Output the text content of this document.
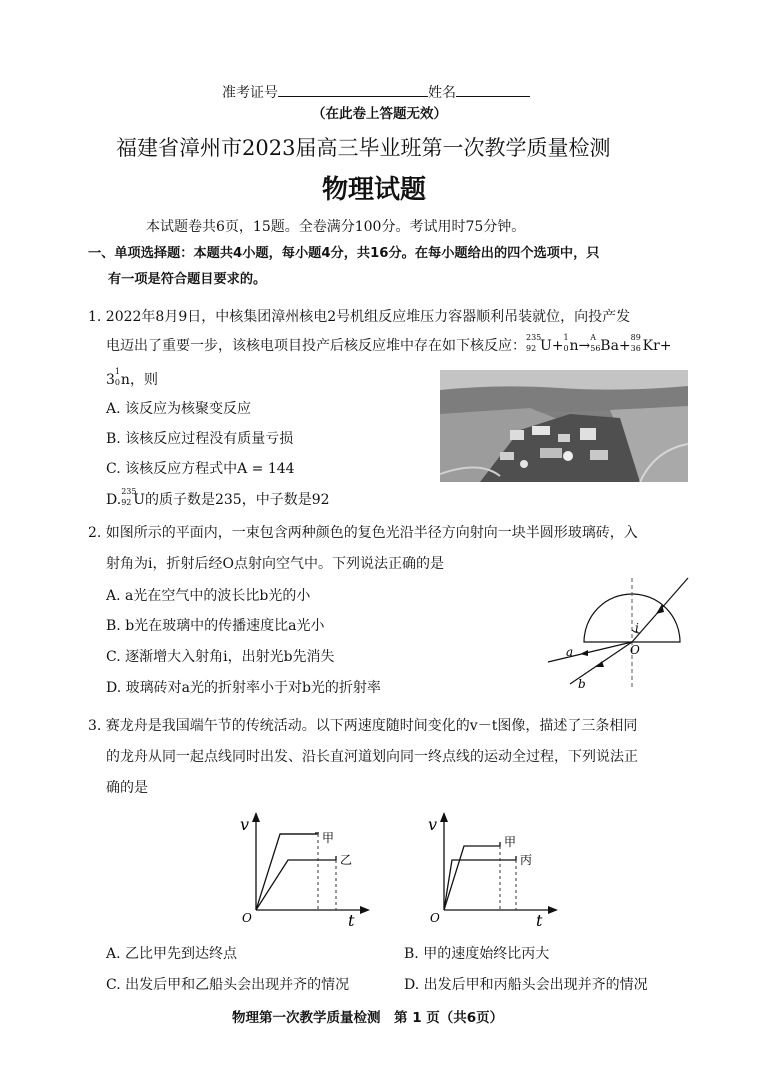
准考证号	姓名
（在此卷上答题无效）
福建省漳州市2023届高三毕业班第一次教学质量检测
物理试题
本试题卷共6页，15题。全卷满分100分。考试用时75分钟。
一、单项选择题：本题共4小题，每小题4分，共16分。在每小题给出的四个选项中，只
有一项是符合题目要求的。
1. 2022年8月9日，中核集团漳州核电2号机组反应堆压力容器顺利吊装就位，向投产发
电迈出了重要一步，该核电项目投产后核反应堆中存在如下核反应：
235
92 U+
1
0 n→
A
56 Ba+
89
36 Kr+
3
1
0 n，则
A. 该反应为核聚变反应
B. 该核反应过程没有质量亏损
C. 该核反应方程式中A = 144
D.
235
92 U的质子数是235，中子数是92
2. 如图所示的平面内，一束包含两种颜色的复色光沿半径方向射向一块半圆形玻璃砖，入
射角为i，折射后经O点射向空气中。下列说法正确的是
A. a光在空气中的波长比b光的小
B. b光在玻璃中的传播速度比a光小
C. 逐渐增大入射角i，出射光b先消失
D. 玻璃砖对a光的折射率小于对b光的折射率
i
a
b
O
3. 赛龙舟是我国端午节的传统活动。以下两速度随时间变化的v－t图像，描述了三条相同
的龙舟从同一起点线同时出发、沿长直河道划向同一终点线的运动全过程，下列说法正
确的是
v
t
O
甲
乙
v
t
O
甲
丙
A. 乙比甲先到达终点	B. 甲的速度始终比丙大
C. 出发后甲和乙船头会出现并齐的情况	D. 出发后甲和丙船头会出现并齐的情况
物理第一次教学质量检测　第 1 页（共6页）
